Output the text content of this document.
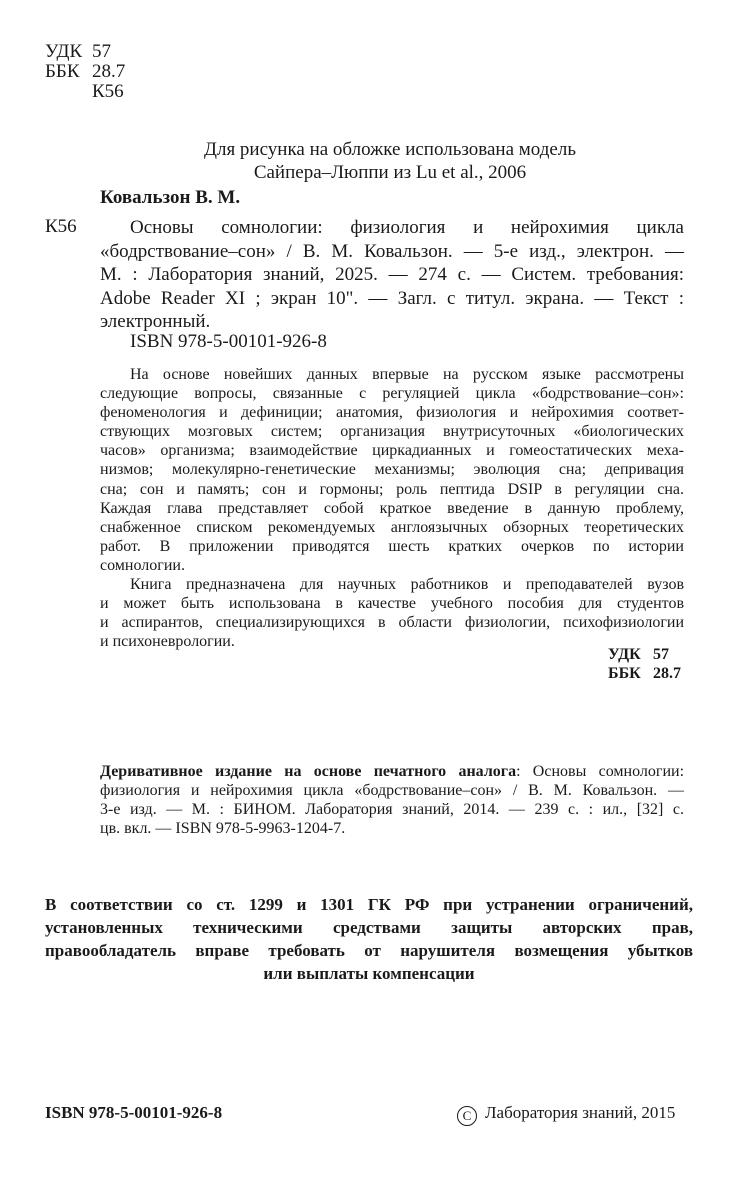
УДК 57
ББК 28.7
К56
Для рисунка на обложке использована модель
Сайпера–Люппи из Lu et al., 2006
Ковальзон В. М.
К56	Основы сомнологии: физиология и нейрохимия цикла
«бодрствование–сон» / В. М. Ковальзон. — 5-е изд., электрон. —
М. : Лаборатория знаний, 2025. — 274 с. — Систем. требования:
Adobe Reader XI ; экран 10". — Загл. с титул. экрана. — Текст :
электронный.
ISBN 978-5-00101-926-8
На основе новейших данных впервые на русском языке рассмотрены
следующие вопросы, связанные с регуляцией цикла «бодрствование–сон»:
феноменология и дефиниции; анатомия, физиология и нейрохимия соответ-
ствующих мозговых систем; организация внутрисуточных «биологических
часов» организма; взаимодействие циркадианных и гомеостатических меха-
низмов; молекулярно-генетические механизмы; эволюция сна; депривация
сна; сон и память; сон и гормоны; роль пептида DSIP в регуляции сна.
Каждая глава представляет собой краткое введение в данную проблему,
снабженное списком рекомендуемых англоязычных обзорных теоретических
работ. В приложении приводятся шесть кратких очерков по истории
сомнологии.
Книга предназначена для научных работников и преподавателей вузов
и может быть использована в качестве учебного пособия для студентов
и аспирантов, специализирующихся в области физиологии, психофизиологии
и психоневрологии.
УДК 57
ББК 28.7
Деривативное издание на основе печатного аналога: Основы сомнологии:
физиология и нейрохимия цикла «бодрствование–сон» / В. М. Ковальзон. —
3-е изд. — М. : БИНОМ. Лаборатория знаний, 2014. — 239 с. : ил., [32] с.
цв. вкл. — ISBN 978-5-9963-1204-7.
В соответствии со ст. 1299 и 1301 ГК РФ при устранении ограничений,
установленных техническими средствами защиты авторских прав,
правообладатель вправе требовать от нарушителя возмещения убытков
или выплаты компенсации
ISBN 978-5-00101-926-8	C Лаборатория знаний, 2015
